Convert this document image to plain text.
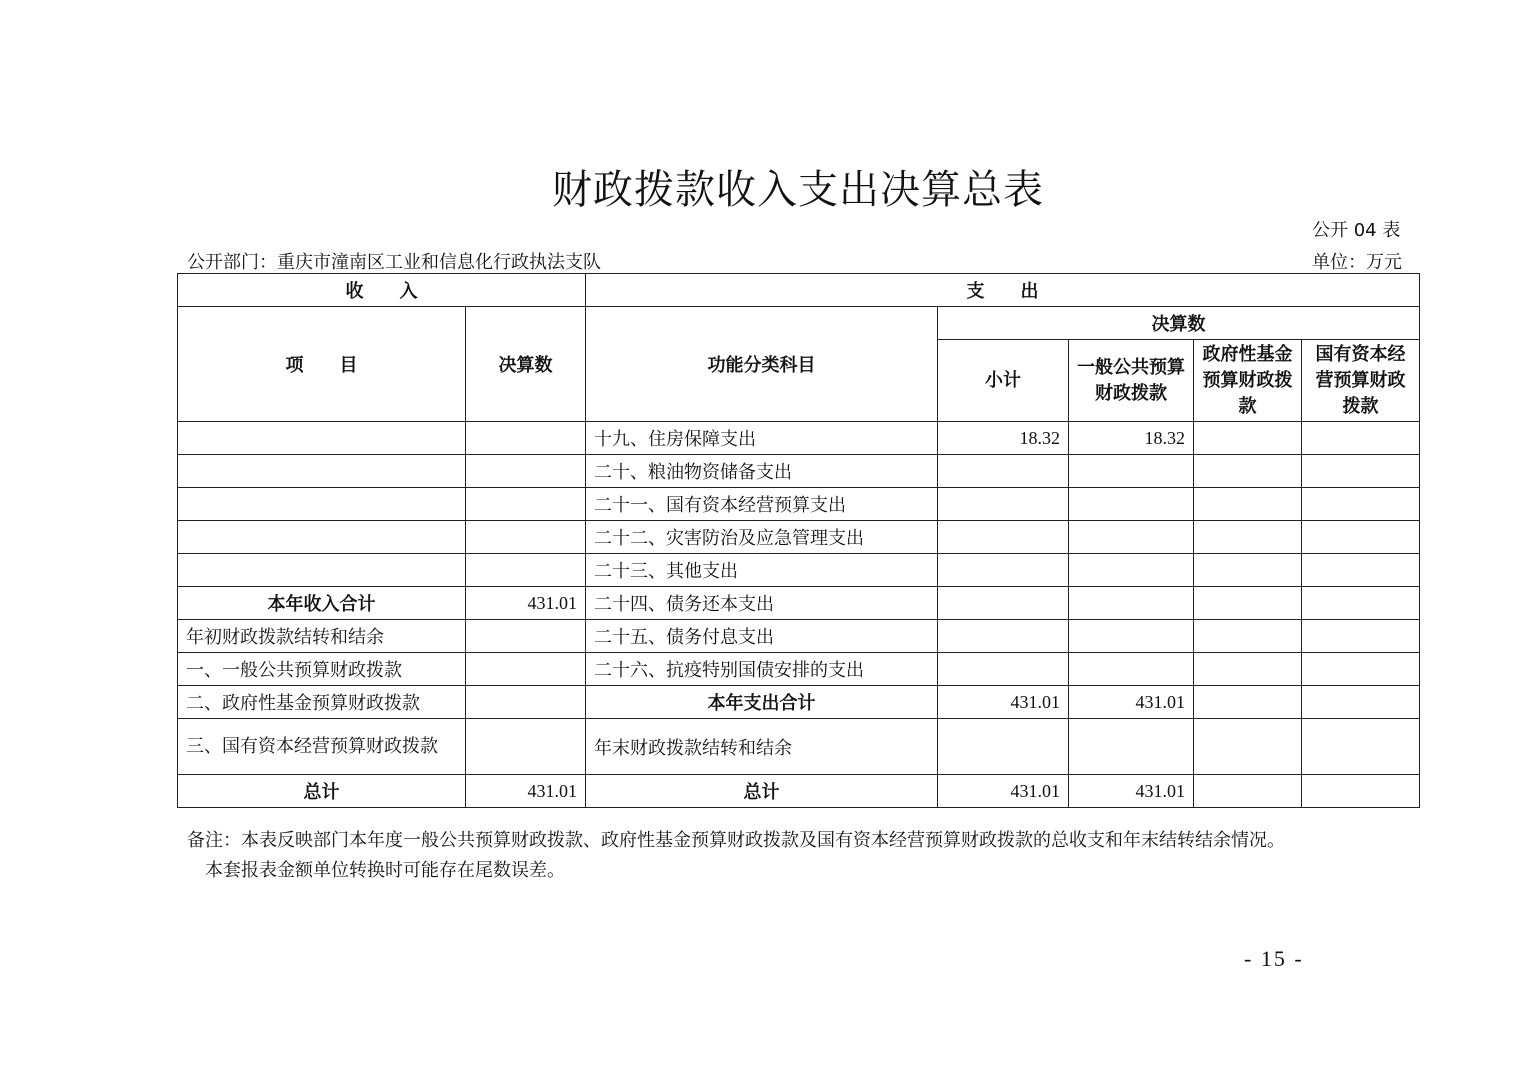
财政拨款收入支出决算总表
公开 04 表
公开部门：重庆市潼南区工业和信息化行政执法支队	单位：万元
收　　入		支　　出				
项　　目	决算数	功能分类科目	决算数			
			小计	一般公共预算财政拨款	政府性基金预算财政拨款	国有资本经营预算财政拨款
		十九、住房保障支出	18.32	18.32		
		二十、粮油物资储备支出				
		二十一、国有资本经营预算支出				
		二十二、灾害防治及应急管理支出				
		二十三、其他支出				
本年收入合计	431.01	二十四、债务还本支出				
年初财政拨款结转和结余		二十五、债务付息支出				
一、一般公共预算财政拨款		二十六、抗疫特别国债安排的支出				
二、政府性基金预算财政拨款		本年支出合计	431.01	431.01		
三、国有资本经营预算财政拨款		年末财政拨款结转和结余				
总计	431.01	总计	431.01	431.01		
备注：本表反映部门本年度一般公共预算财政拨款、政府性基金预算财政拨款及国有资本经营预算财政拨款的总收支和年末结转结余情况。
本套报表金额单位转换时可能存在尾数误差。
- 15 -
